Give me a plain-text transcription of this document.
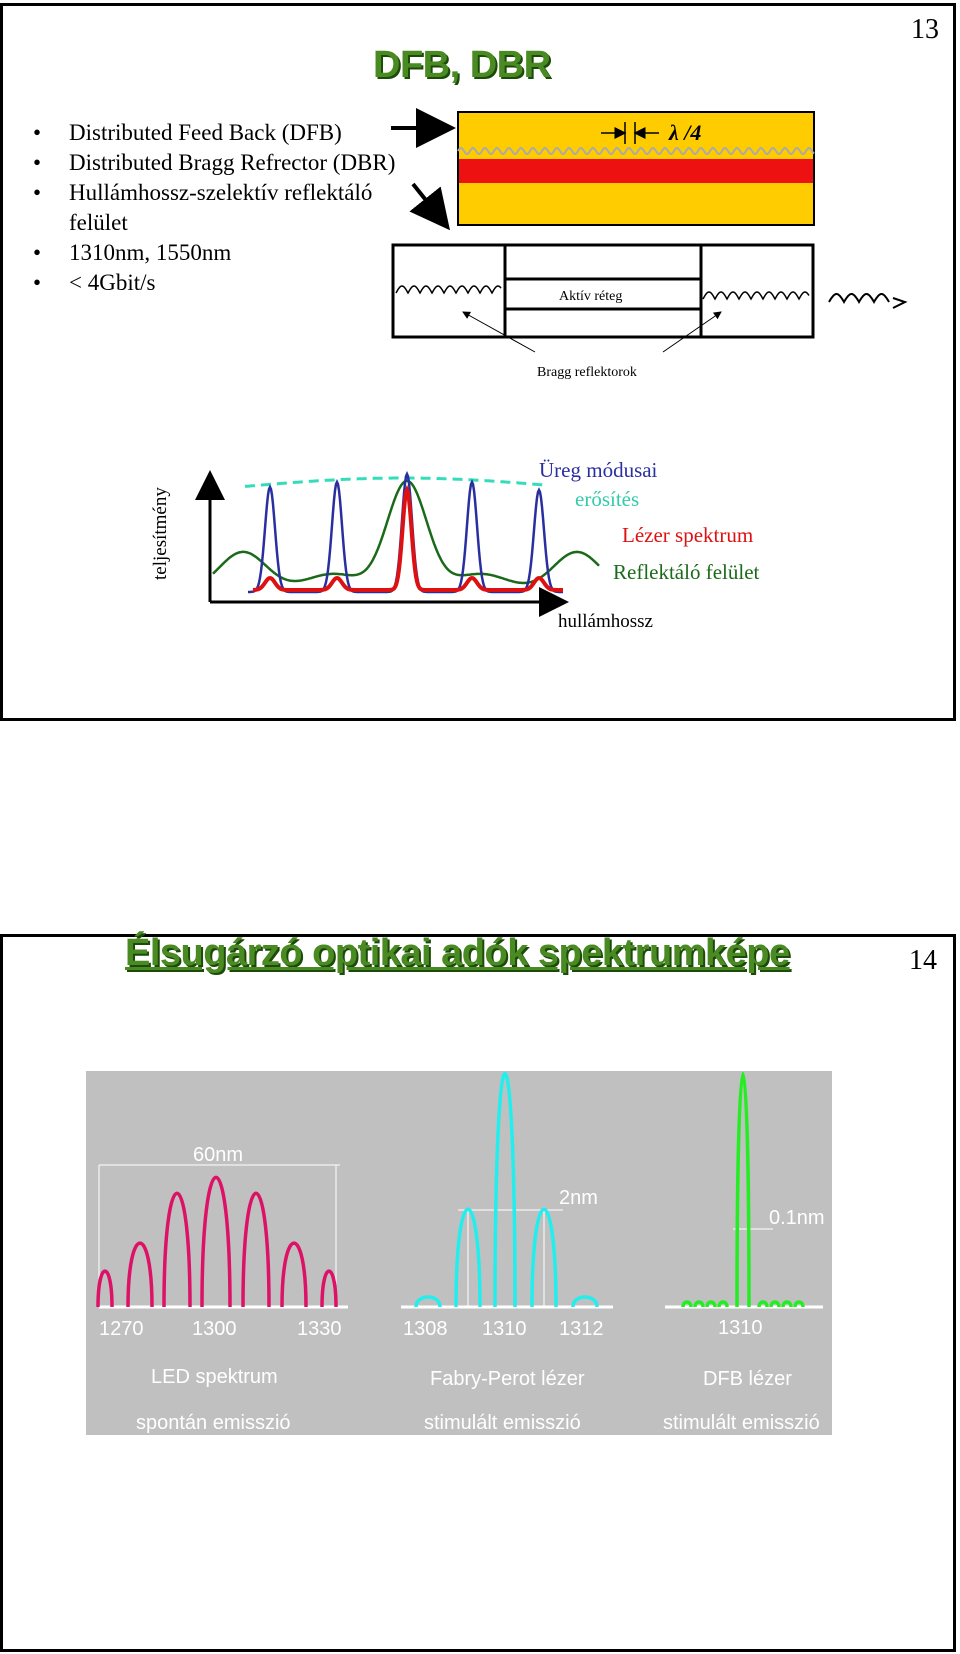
13
DFB, DBR
• Distributed Feed Back (DFB)
• Distributed Bragg Refrector (DBR)
• Hullámhossz-szelektív reflektáló felület
• 1310nm, 1550nm
• < 4Gbit/s
λ /4
Aktív réteg
Bragg reflektorok
teljesítmény
hullámhossz
Üreg módusai
erősítés
Lézer spektrum
Reflektáló felület
14
Élsugárzó optikai adók spektrumképe
60nm
1270 1300	1330
LED spektrum
spontán emisszió
2nm
1308 1310 1312
Fabry-Perot lézer
stimulált emisszió
0.1nm
1310
DFB lézer
stimulált emisszió
